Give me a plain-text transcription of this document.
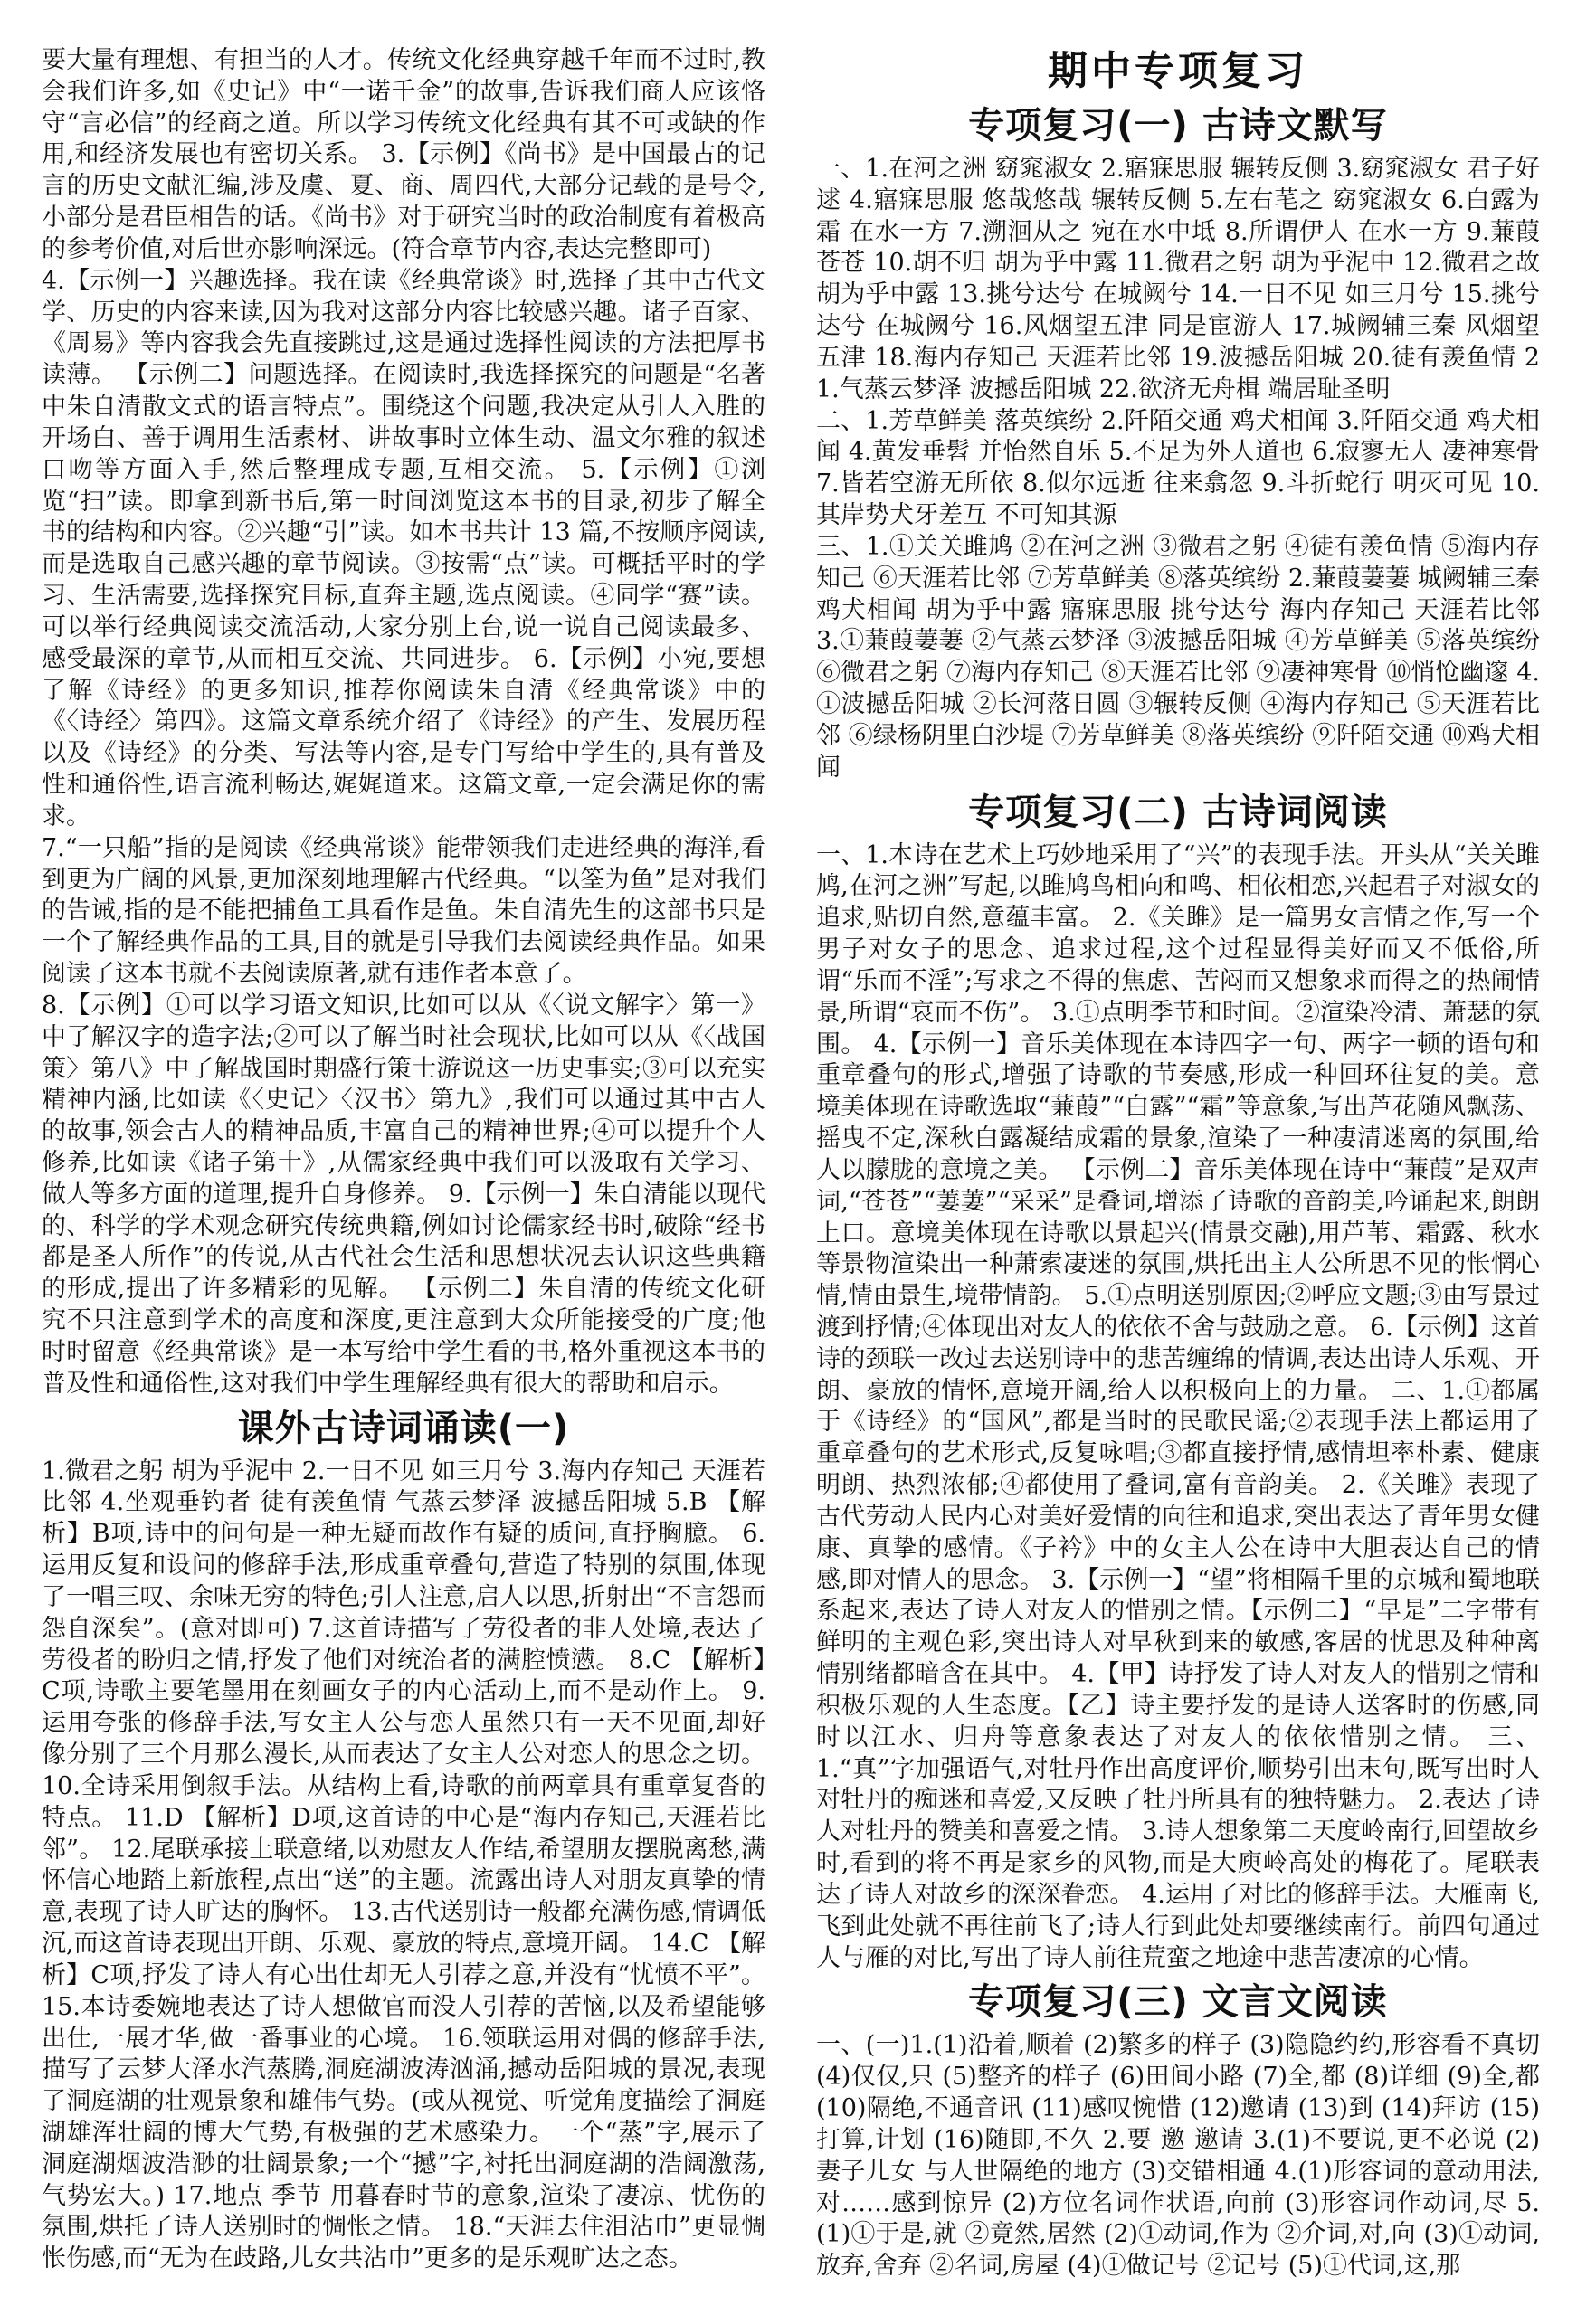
要大量有理想、有担当的人才。传统文化经典穿越千年而不过时,教会我们许多,如《史记》中“一诺千金”的故事,告诉我们商人应该恪守“言必信”的经商之道。所以学习传统文化经典有其不可或缺的作用,和经济发展也有密切关系。 3.【示例】《尚书》是中国最古的记言的历史文献汇编,涉及虞、夏、商、周四代,大部分记载的是号令,小部分是君臣相告的话。《尚书》对于研究当时的政治制度有着极高的参考价值,对后世亦影响深远。(符合章节内容,表达完整即可)

4.【示例一】兴趣选择。我在读《经典常谈》时,选择了其中古代文学、历史的内容来读,因为我对这部分内容比较感兴趣。诸子百家、《周易》等内容我会先直接跳过,这是通过选择性阅读的方法把厚书读薄。 【示例二】问题选择。在阅读时,我选择探究的问题是“名著中朱自清散文式的语言特点”。围绕这个问题,我决定从引人入胜的开场白、善于调用生活素材、讲故事时立体生动、温文尔雅的叙述口吻等方面入手,然后整理成专题,互相交流。 5.【示例】①浏览“扫”读。即拿到新书后,第一时间浏览这本书的目录,初步了解全书的结构和内容。②兴趣“引”读。如本书共计 13 篇,不按顺序阅读,而是选取自己感兴趣的章节阅读。③按需“点”读。可概括平时的学习、生活需要,选择探究目标,直奔主题,选点阅读。④同学“赛”读。可以举行经典阅读交流活动,大家分别上台,说一说自己阅读最多、感受最深的章节,从而相互交流、共同进步。 6.【示例】小宛,要想了解《诗经》的更多知识,推荐你阅读朱自清《经典常谈》中的《〈诗经〉第四》。这篇文章系统介绍了《诗经》的产生、发展历程以及《诗经》的分类、写法等内容,是专门写给中学生的,具有普及性和通俗性,语言流利畅达,娓娓道来。这篇文章,一定会满足你的需求。

7.“一只船”指的是阅读《经典常谈》能带领我们走进经典的海洋,看到更为广阔的风景,更加深刻地理解古代经典。“以筌为鱼”是对我们的告诫,指的是不能把捕鱼工具看作是鱼。朱自清先生的这部书只是一个了解经典作品的工具,目的就是引导我们去阅读经典作品。如果阅读了这本书就不去阅读原著,就有违作者本意了。

8.【示例】①可以学习语文知识,比如可以从《〈说文解字〉第一》中了解汉字的造字法;②可以了解当时社会现状,比如可以从《〈战国策〉第八》中了解战国时期盛行策士游说这一历史事实;③可以充实精神内涵,比如读《〈史记〉〈汉书〉第九》,我们可以通过其中古人的故事,领会古人的精神品质,丰富自己的精神世界;④可以提升个人修养,比如读《诸子第十》,从儒家经典中我们可以汲取有关学习、做人等多方面的道理,提升自身修养。 9.【示例一】朱自清能以现代的、科学的学术观念研究传统典籍,例如讨论儒家经书时,破除“经书都是圣人所作”的传说,从古代社会生活和思想状况去认识这些典籍的形成,提出了许多精彩的见解。 【示例二】朱自清的传统文化研究不只注意到学术的高度和深度,更注意到大众所能接受的广度;他时时留意《经典常谈》是一本写给中学生看的书,格外重视这本书的普及性和通俗性,这对我们中学生理解经典有很大的帮助和启示。

课外古诗词诵读(一)

1.微君之躬 胡为乎泥中 2.一日不见 如三月兮 3.海内存知己 天涯若比邻 4.坐观垂钓者 徒有羡鱼情 气蒸云梦泽 波撼岳阳城 5.B 【解析】B项,诗中的问句是一种无疑而故作有疑的质问,直抒胸臆。 6.运用反复和设问的修辞手法,形成重章叠句,营造了特别的氛围,体现了一唱三叹、余味无穷的特色;引人注意,启人以思,折射出“不言怨而怨自深矣”。(意对即可) 7.这首诗描写了劳役者的非人处境,表达了劳役者的盼归之情,抒发了他们对统治者的满腔愤懑。 8.C 【解析】C项,诗歌主要笔墨用在刻画女子的内心活动上,而不是动作上。 9.运用夸张的修辞手法,写女主人公与恋人虽然只有一天不见面,却好像分别了三个月那么漫长,从而表达了女主人公对恋人的思念之切。 10.全诗采用倒叙手法。从结构上看,诗歌的前两章具有重章复沓的特点。 11.D 【解析】D项,这首诗的中心是“海内存知己,天涯若比邻”。 12.尾联承接上联意绪,以劝慰友人作结,希望朋友摆脱离愁,满怀信心地踏上新旅程,点出“送”的主题。流露出诗人对朋友真挚的情意,表现了诗人旷达的胸怀。 13.古代送别诗一般都充满伤感,情调低沉,而这首诗表现出开朗、乐观、豪放的特点,意境开阔。 14.C 【解析】C项,抒发了诗人有心出仕却无人引荐之意,并没有“忧愤不平”。 15.本诗委婉地表达了诗人想做官而没人引荐的苦恼,以及希望能够出仕,一展才华,做一番事业的心境。 16.领联运用对偶的修辞手法,描写了云梦大泽水汽蒸腾,洞庭湖波涛汹涌,撼动岳阳城的景况,表现了洞庭湖的壮观景象和雄伟气势。(或从视觉、听觉角度描绘了洞庭湖雄浑壮阔的博大气势,有极强的艺术感染力。一个“蒸”字,展示了洞庭湖烟波浩渺的壮阔景象;一个“撼”字,衬托出洞庭湖的浩阔激荡,气势宏大。) 17.地点 季节 用暮春时节的意象,渲染了凄凉、忧伤的氛围,烘托了诗人送别时的惆怅之情。 18.“天涯去住泪沾巾”更显惆怅伤感,而“无为在歧路,儿女共沾巾”更多的是乐观旷达之态。

期中专项复习
专项复习(一) 古诗文默写

一、1.在河之洲 窈窕淑女 2.寤寐思服 辗转反侧 3.窈窕淑女 君子好逑 4.寤寐思服 悠哉悠哉 辗转反侧 5.左右芼之 窈窕淑女 6.白露为霜 在水一方 7.溯洄从之 宛在水中坻 8.所谓伊人 在水一方 9.蒹葭苍苍 10.胡不归 胡为乎中露 11.微君之躬 胡为乎泥中 12.微君之故 胡为乎中露 13.挑兮达兮 在城阙兮 14.一日不见 如三月兮 15.挑兮达兮 在城阙兮 16.风烟望五津 同是宦游人 17.城阙辅三秦 风烟望五津 18.海内存知己 天涯若比邻 19.波撼岳阳城 20.徒有羡鱼情 21.气蒸云梦泽 波撼岳阳城 22.欲济无舟楫 端居耻圣明

二、1.芳草鲜美 落英缤纷 2.阡陌交通 鸡犬相闻 3.阡陌交通 鸡犬相闻 4.黄发垂髫 并怡然自乐 5.不足为外人道也 6.寂寥无人 凄神寒骨 7.皆若空游无所依 8.似尔远逝 往来翕忽 9.斗折蛇行 明灭可见 10.其岸势犬牙差互 不可知其源

三、1.①关关雎鸠 ②在河之洲 ③微君之躬 ④徒有羡鱼情 ⑤海内存知己 ⑥天涯若比邻 ⑦芳草鲜美 ⑧落英缤纷 2.蒹葭萋萋 城阙辅三秦 鸡犬相闻 胡为乎中露 寤寐思服 挑兮达兮 海内存知己 天涯若比邻 3.①蒹葭萋萋 ②气蒸云梦泽 ③波撼岳阳城 ④芳草鲜美 ⑤落英缤纷 ⑥微君之躬 ⑦海内存知己 ⑧天涯若比邻 ⑨凄神寒骨 ⑩悄怆幽邃 4.①波撼岳阳城 ②长河落日圆 ③辗转反侧 ④海内存知己 ⑤天涯若比邻 ⑥绿杨阴里白沙堤 ⑦芳草鲜美 ⑧落英缤纷 ⑨阡陌交通 ⑩鸡犬相闻

专项复习(二) 古诗词阅读

一、1.本诗在艺术上巧妙地采用了“兴”的表现手法。开头从“关关雎鸠,在河之洲”写起,以雎鸠鸟相向和鸣、相依相恋,兴起君子对淑女的追求,贴切自然,意蕴丰富。 2.《关雎》是一篇男女言情之作,写一个男子对女子的思念、追求过程,这个过程显得美好而又不低俗,所谓“乐而不淫”;写求之不得的焦虑、苦闷而又想象求而得之的热闹情景,所谓“哀而不伤”。 3.①点明季节和时间。②渲染冷清、萧瑟的氛围。 4.【示例一】音乐美体现在本诗四字一句、两字一顿的语句和重章叠句的形式,增强了诗歌的节奏感,形成一种回环往复的美。意境美体现在诗歌选取“蒹葭”“白露”“霜”等意象,写出芦花随风飘荡、摇曳不定,深秋白露凝结成霜的景象,渲染了一种凄清迷离的氛围,给人以朦胧的意境之美。 【示例二】音乐美体现在诗中“蒹葭”是双声词,“苍苍”“萋萋”“采采”是叠词,增添了诗歌的音韵美,吟诵起来,朗朗上口。意境美体现在诗歌以景起兴(情景交融),用芦苇、霜露、秋水等景物渲染出一种萧索凄迷的氛围,烘托出主人公所思不见的怅惘心情,情由景生,境带情韵。 5.①点明送别原因;②呼应文题;③由写景过渡到抒情;④体现出对友人的依依不舍与鼓励之意。 6.【示例】这首诗的颈联一改过去送别诗中的悲苦缠绵的情调,表达出诗人乐观、开朗、豪放的情怀,意境开阔,给人以积极向上的力量。 二、1.①都属于《诗经》的“国风”,都是当时的民歌民谣;②表现手法上都运用了重章叠句的艺术形式,反复咏唱;③都直接抒情,感情坦率朴素、健康明朗、热烈浓郁;④都使用了叠词,富有音韵美。 2.《关雎》表现了古代劳动人民内心对美好爱情的向往和追求,突出表达了青年男女健康、真挚的感情。《子衿》中的女主人公在诗中大胆表达自己的情感,即对情人的思念。 3.【示例一】“望”将相隔千里的京城和蜀地联系起来,表达了诗人对友人的惜别之情。【示例二】“早是”二字带有鲜明的主观色彩,突出诗人对早秋到来的敏感,客居的忧思及种种离情别绪都暗含在其中。 4.【甲】诗抒发了诗人对友人的惜别之情和积极乐观的人生态度。【乙】诗主要抒发的是诗人送客时的伤感,同时以江水、归舟等意象表达了对友人的依依惜别之情。 三、1.“真”字加强语气,对牡丹作出高度评价,顺势引出末句,既写出时人对牡丹的痴迷和喜爱,又反映了牡丹所具有的独特魅力。 2.表达了诗人对牡丹的赞美和喜爱之情。 3.诗人想象第二天度岭南行,回望故乡时,看到的将不再是家乡的风物,而是大庾岭高处的梅花了。尾联表达了诗人对故乡的深深眷恋。 4.运用了对比的修辞手法。大雁南飞,飞到此处就不再往前飞了;诗人行到此处却要继续南行。前四句通过人与雁的对比,写出了诗人前往荒蛮之地途中悲苦凄凉的心情。

专项复习(三) 文言文阅读

一、(一)1.(1)沿着,顺着 (2)繁多的样子 (3)隐隐约约,形容看不真切 (4)仅仅,只 (5)整齐的样子 (6)田间小路 (7)全,都 (8)详细 (9)全,都 (10)隔绝,不通音讯 (11)感叹惋惜 (12)邀请 (13)到 (14)拜访 (15)打算,计划 (16)随即,不久 2.要 邀 邀请 3.(1)不要说,更不必说 (2)妻子儿女 与人世隔绝的地方 (3)交错相通 4.(1)形容词的意动用法,对……感到惊异 (2)方位名词作状语,向前 (3)形容词作动词,尽 5.(1)①于是,就 ②竟然,居然 (2)①动词,作为 ②介词,对,向 (3)①动词,放弃,舍弃 ②名词,房屋 (4)①做记号 ②记号 (5)①代词,这,那
